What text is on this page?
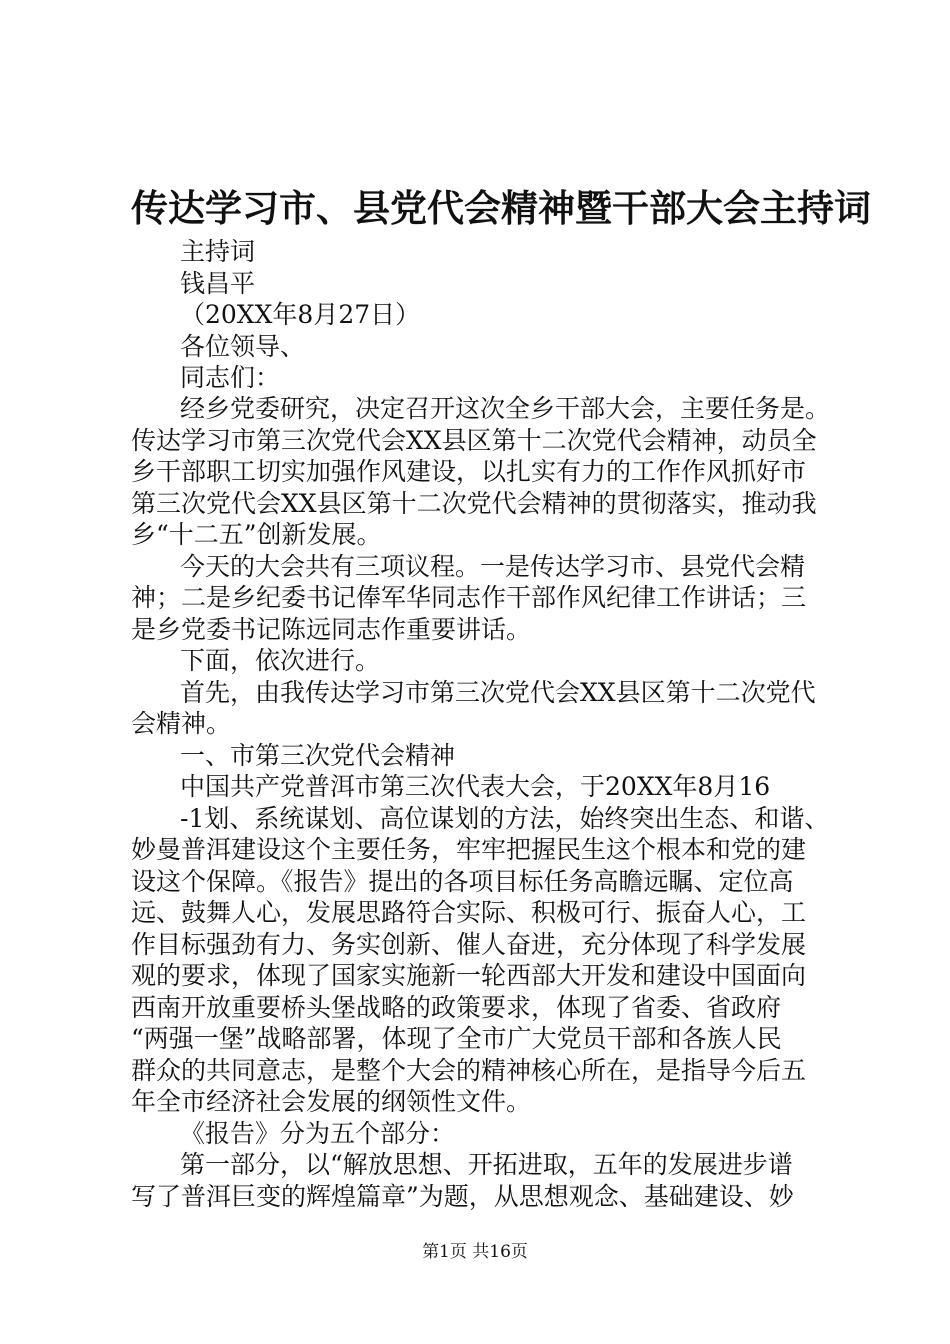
传达学习市、县党代会精神暨干部大会主持词
主持词
钱昌平
（20XX年8月27日）
各位领导、
同志们：
经乡党委研究，决定召开这次全乡干部大会，主要任务是。
传达学习市第三次党代会XX县区第十二次党代会精神，动员全
乡干部职工切实加强作风建设，以扎实有力的工作作风抓好市
第三次党代会XX县区第十二次党代会精神的贯彻落实，推动我
乡“十二五”创新发展。
今天的大会共有三项议程。一是传达学习市、县党代会精
神；二是乡纪委书记俸军华同志作干部作风纪律工作讲话；三
是乡党委书记陈远同志作重要讲话。
下面，依次进行。
首先，由我传达学习市第三次党代会XX县区第十二次党代
会精神。
一、市第三次党代会精神
中国共产党普洱市第三次代表大会，于20XX年8月16
-1划、系统谋划、高位谋划的方法，始终突出生态、和谐、
妙曼普洱建设这个主要任务，牢牢把握民生这个根本和党的建
设这个保障。《报告》提出的各项目标任务高瞻远瞩、定位高
远、鼓舞人心，发展思路符合实际、积极可行、振奋人心，工
作目标强劲有力、务实创新、催人奋进，充分体现了科学发展
观的要求，体现了国家实施新一轮西部大开发和建设中国面向
西南开放重要桥头堡战略的政策要求，体现了省委、省政府
“两强一堡”战略部署，体现了全市广大党员干部和各族人民
群众的共同意志，是整个大会的精神核心所在，是指导今后五
年全市经济社会发展的纲领性文件。
《报告》分为五个部分：
第一部分，以“解放思想、开拓进取，五年的发展进步谱
写了普洱巨变的辉煌篇章”为题，从思想观念、基础建设、妙
第1页 共16页
